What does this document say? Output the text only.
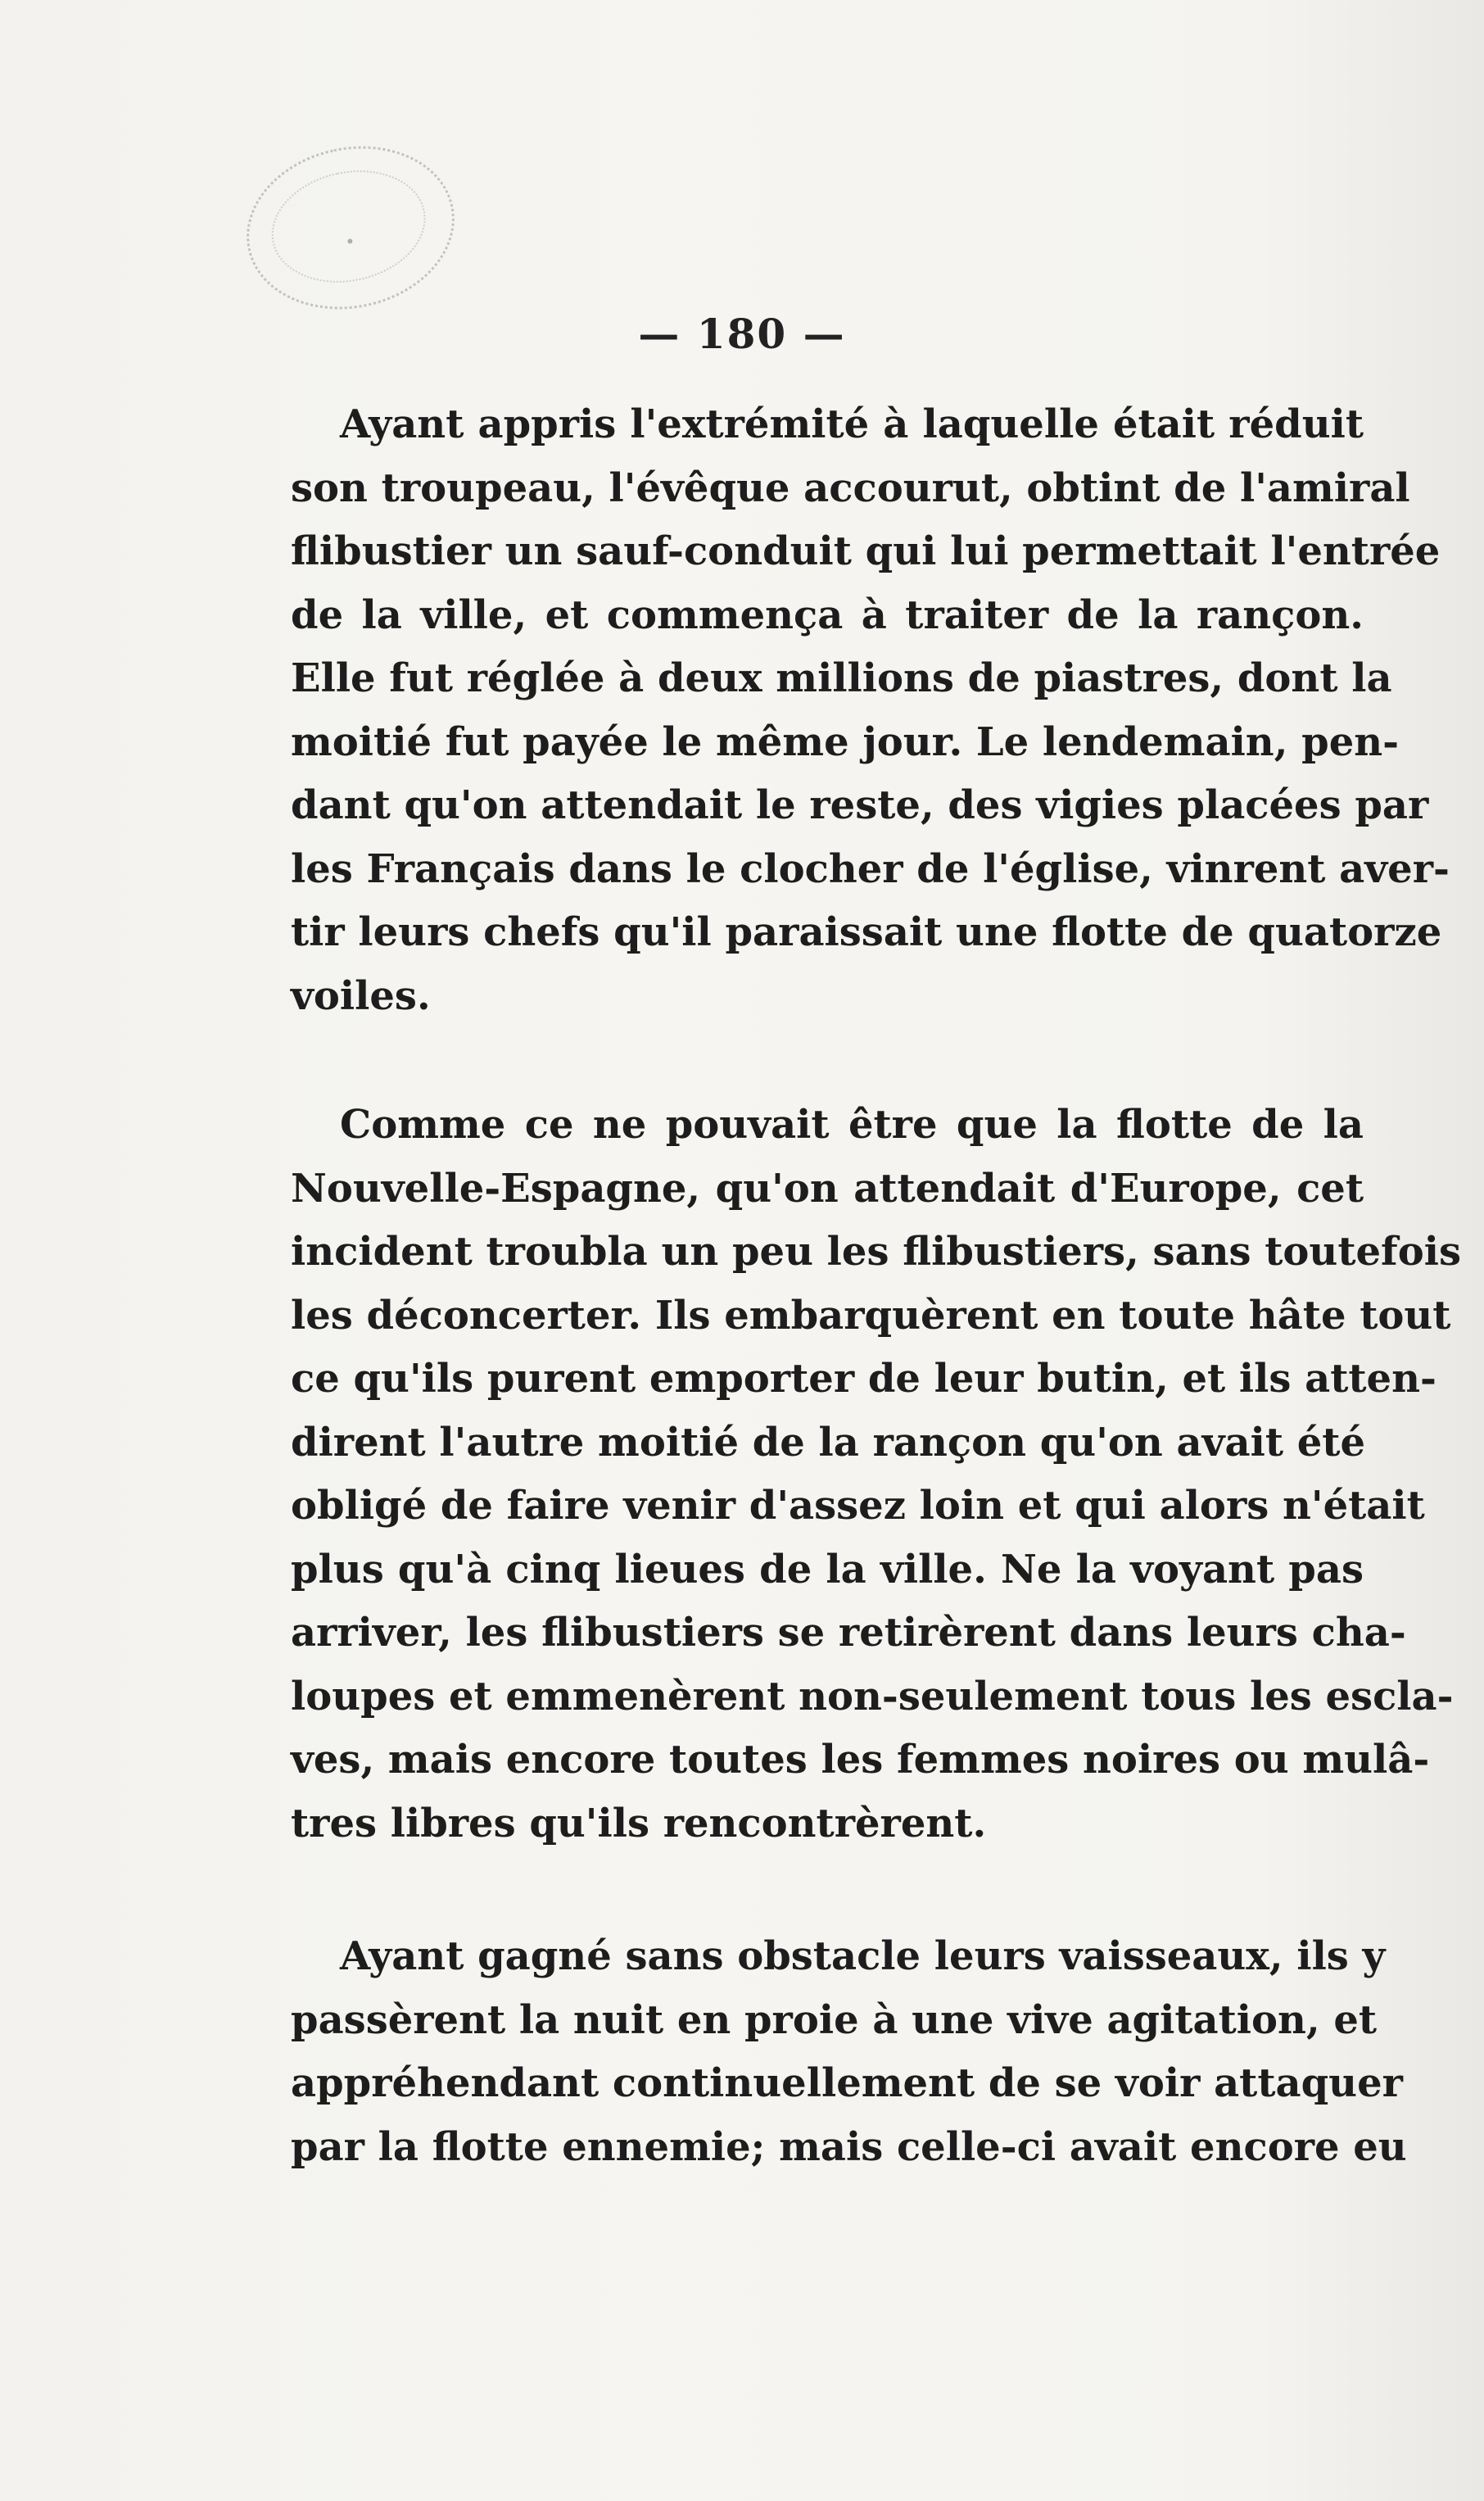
— 180 —
Ayant appris l'extrémité à laquelle était réduit
son troupeau, l'évêque accourut, obtint de l'amiral
flibustier un sauf-conduit qui lui permettait l'entrée
de la ville, et commença à traiter de la rançon.
Elle fut réglée à deux millions de piastres, dont la
moitié fut payée le même jour. Le lendemain, pen-
dant qu'on attendait le reste, des vigies placées par
les Français dans le clocher de l'église, vinrent aver-
tir leurs chefs qu'il paraissait une flotte de quatorze
voiles.
Comme ce ne pouvait être que la flotte de la
Nouvelle-Espagne, qu'on attendait d'Europe, cet
incident troubla un peu les flibustiers, sans toutefois
les déconcerter. Ils embarquèrent en toute hâte tout
ce qu'ils purent emporter de leur butin, et ils atten-
dirent l'autre moitié de la rançon qu'on avait été
obligé de faire venir d'assez loin et qui alors n'était
plus qu'à cinq lieues de la ville. Ne la voyant pas
arriver, les flibustiers se retirèrent dans leurs cha-
loupes et emmenèrent non-seulement tous les escla-
ves, mais encore toutes les femmes noires ou mulâ-
tres libres qu'ils rencontrèrent.
Ayant gagné sans obstacle leurs vaisseaux, ils y
passèrent la nuit en proie à une vive agitation, et
appréhendant continuellement de se voir attaquer
par la flotte ennemie; mais celle-ci avait encore eu
